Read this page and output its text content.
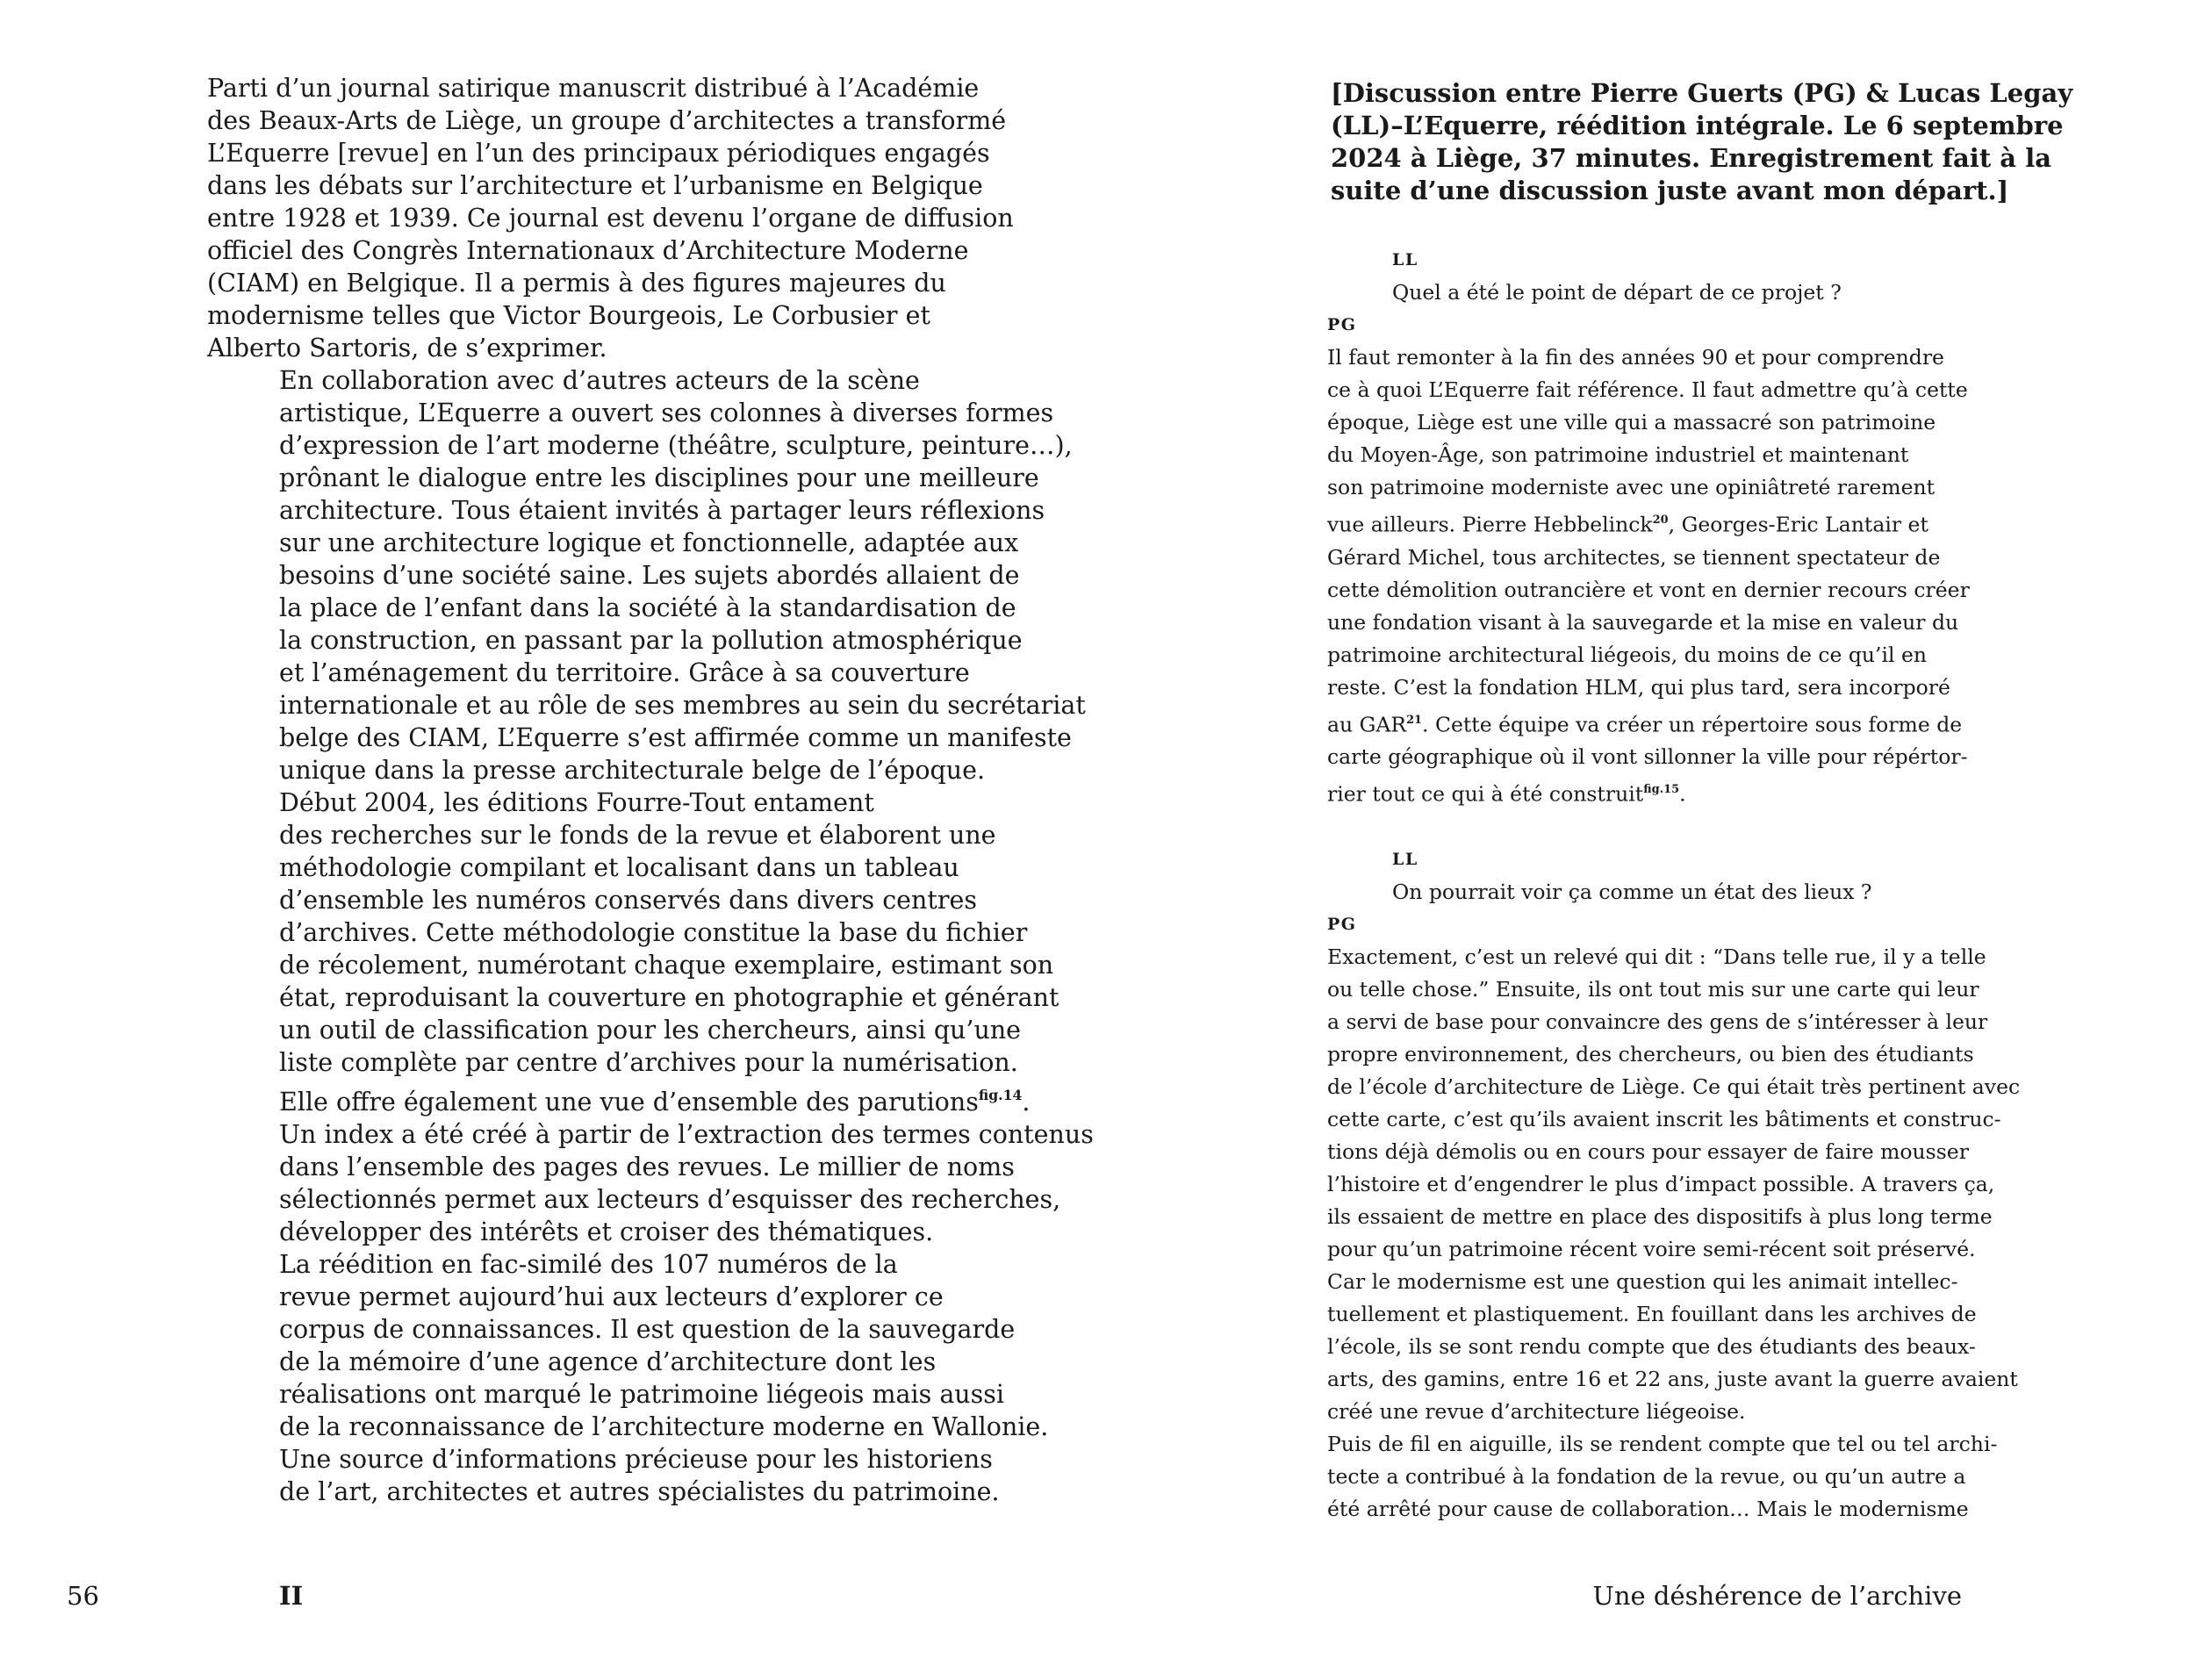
Parti d’un journal satirique manuscrit distribué à l’Académie
des Beaux-Arts de Liège, un groupe d’architectes a transformé
L’Equerre [revue] en l’un des principaux périodiques engagés
dans les débats sur l’architecture et l’urbanisme en Belgique
entre 1928 et 1939. Ce journal est devenu l’organe de diffusion
officiel des Congrès Internationaux d’Architecture Moderne
(CIAM) en Belgique. Il a permis à des figures majeures du
modernisme telles que Victor Bourgeois, Le Corbusier et
Alberto Sartoris, de s’exprimer.

En collaboration avec d’autres acteurs de la scène
artistique, L’Equerre a ouvert ses colonnes à diverses formes
d’expression de l’art moderne (théâtre, sculpture, peinture…),
prônant le dialogue entre les disciplines pour une meilleure
architecture. Tous étaient invités à partager leurs réflexions
sur une architecture logique et fonctionnelle, adaptée aux
besoins d’une société saine. Les sujets abordés allaient de
la place de l’enfant dans la société à la standardisation de
la construction, en passant par la pollution atmosphérique
et l’aménagement du territoire. Grâce à sa couverture
internationale et au rôle de ses membres au sein du secrétariat
belge des CIAM, L’Equerre s’est affirmée comme un manifeste
unique dans la presse architecturale belge de l’époque.

Début 2004, les éditions Fourre-Tout entament
des recherches sur le fonds de la revue et élaborent une
méthodologie compilant et localisant dans un tableau
d’ensemble les numéros conservés dans divers centres
d’archives. Cette méthodologie constitue la base du fichier
de récolement, numérotant chaque exemplaire, estimant son
état, reproduisant la couverture en photographie et générant
un outil de classification pour les chercheurs, ainsi qu’une
liste complète par centre d’archives pour la numérisation.
Elle offre également une vue d’ensemble des parutions$^{fig.14}$.
Un index a été créé à partir de l’extraction des termes contenus
dans l’ensemble des pages des revues. Le millier de noms
sélectionnés permet aux lecteurs d’esquisser des recherches,
développer des intérêts et croiser des thématiques.

La réédition en fac-similé des 107 numéros de la
revue permet aujourd’hui aux lecteurs d’explorer ce
corpus de connaissances. Il est question de la sauvegarde
de la mémoire d’une agence d’architecture dont les
réalisations ont marqué le patrimoine liégeois mais aussi
de la reconnaissance de l’architecture moderne en Wallonie.
Une source d’informations précieuse pour les historiens
de l’art, architectes et autres spécialistes du patrimoine.

56	II
[Discussion entre Pierre Guerts (PG) & Lucas Legay
(LL)–L’Equerre, réédition intégrale. Le 6 septembre
2024 à Liège, 37 minutes. Enregistrement fait à la
suite d’une discussion juste avant mon départ.]
LL
Quel a été le point de départ de ce projet ?
PG
Il faut remonter à la fin des années 90 et pour comprendre
ce à quoi L’Equerre fait référence. Il faut admettre qu’à cette
époque, Liège est une ville qui a massacré son patrimoine
du Moyen-Âge, son patrimoine industriel et maintenant
son patrimoine moderniste avec une opiniâtreté rarement
vue ailleurs. Pierre Hebbelinck$^{20}$, Georges-Eric Lantair et
Gérard Michel, tous architectes, se tiennent spectateur de
cette démolition outrancière et vont en dernier recours créer
une fondation visant à la sauvegarde et la mise en valeur du
patrimoine architectural liégeois, du moins de ce qu’il en
reste. C’est la fondation HLM, qui plus tard, sera incorporé
au GAR$^{21}$. Cette équipe va créer un répertoire sous forme de
carte géographique où il vont sillonner la ville pour répértor-
rier tout ce qui à été construit$^{fig.15}$.
LL
On pourrait voir ça comme un état des lieux ?
PG
Exactement, c’est un relevé qui dit : “Dans telle rue, il y a telle
ou telle chose.” Ensuite, ils ont tout mis sur une carte qui leur
a servi de base pour convaincre des gens de s’intéresser à leur
propre environnement, des chercheurs, ou bien des étudiants
de l’école d’architecture de Liège. Ce qui était très pertinent avec
cette carte, c’est qu’ils avaient inscrit les bâtiments et construc-
tions déjà démolis ou en cours pour essayer de faire mousser
l’histoire et d’engendrer le plus d’impact possible. A travers ça,
ils essaient de mettre en place des dispositifs à plus long terme
pour qu’un patrimoine récent voire semi-récent soit préservé.
Car le modernisme est une question qui les animait intellec-
tuellement et plastiquement. En fouillant dans les archives de
l’école, ils se sont rendu compte que des étudiants des beaux-
arts, des gamins, entre 16 et 22 ans, juste avant la guerre avaient
créé une revue d’architecture liégeoise.
Puis de fil en aiguille, ils se rendent compte que tel ou tel archi-
tecte a contribué à la fondation de la revue, ou qu’un autre a
été arrêté pour cause de collaboration… Mais le modernisme
Une déshérence de l’archive
